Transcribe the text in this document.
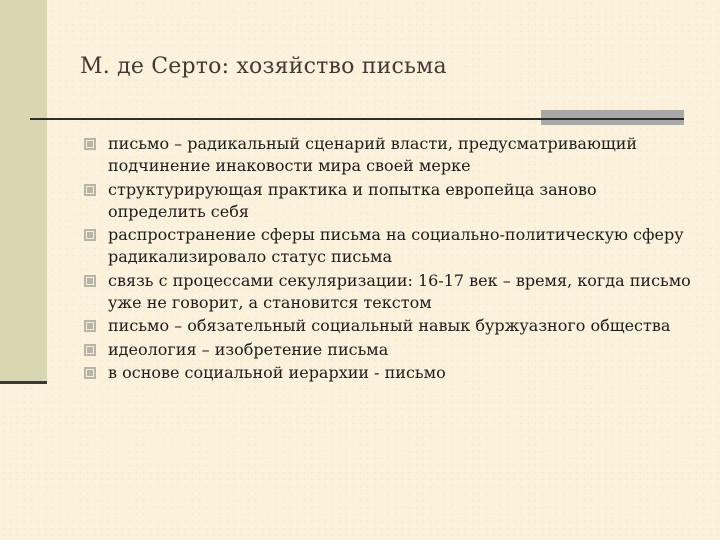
М. де Серто: хозяйство письма
письмо – радикальный сценарий власти, предусматривающий подчинение инаковости мира своей мерке
структурирующая практика и попытка европейца заново определить себя
распространение сферы письма на социально-политическую сферу радикализировало статус письма
связь с процессами секуляризации: 16-17 век – время, когда письмо уже не говорит, а становится текстом
письмо – обязательный социальный навык буржуазного общества
идеология – изобретение письма
в основе социальной иерархии - письмо
